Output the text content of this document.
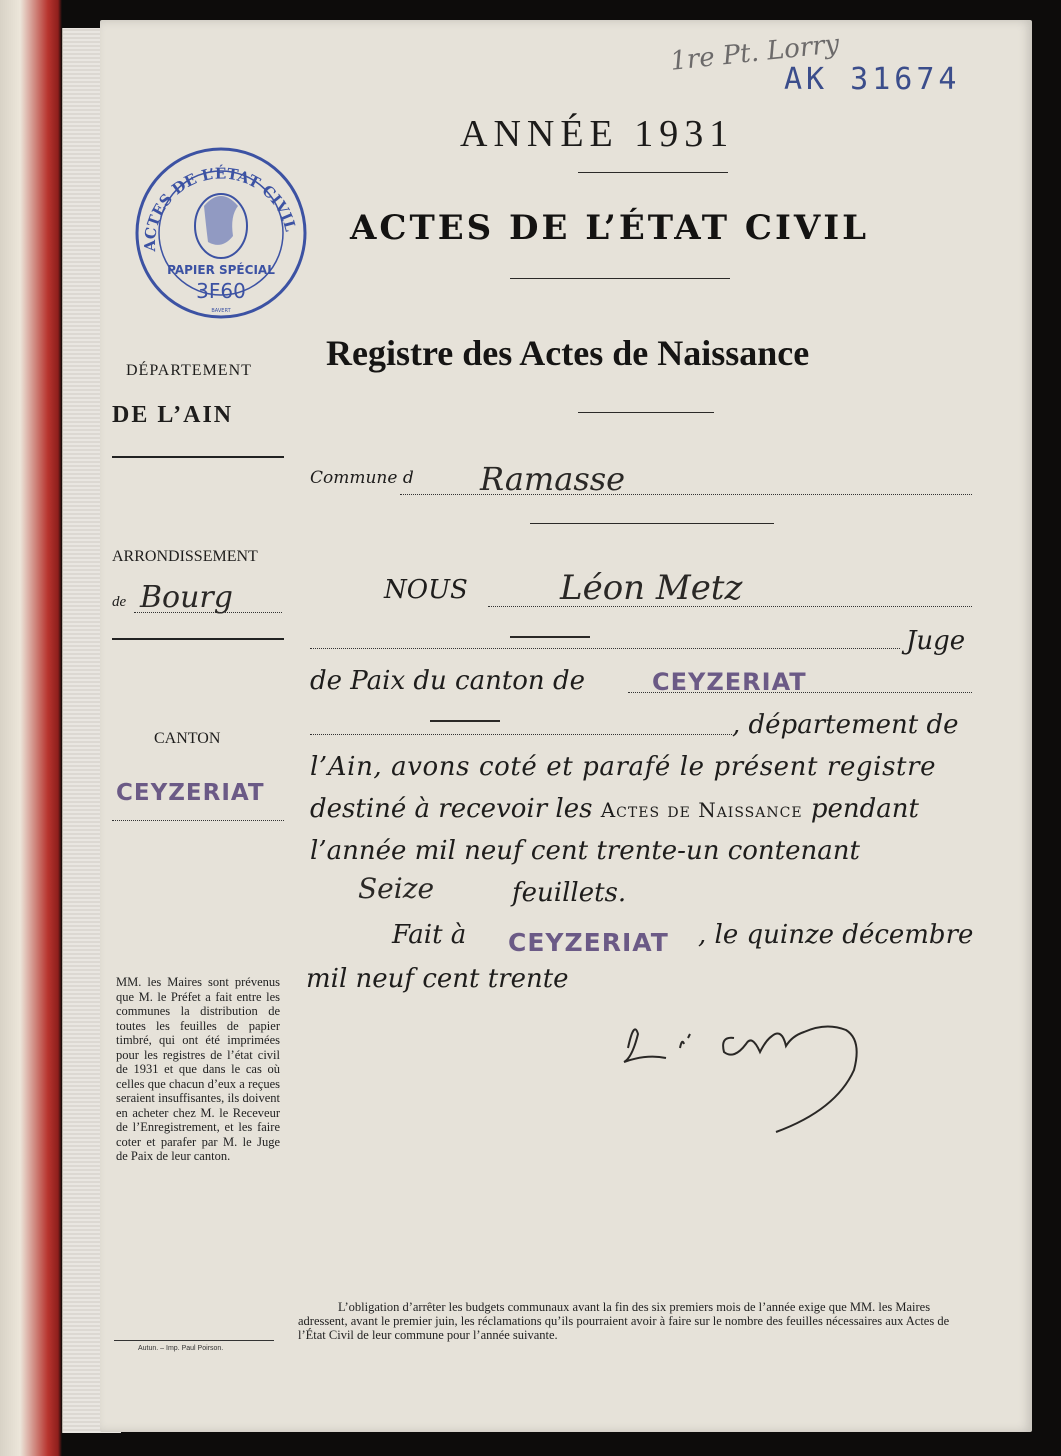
1re Pt. Lorry
AK 31674
ANNÉE 1931
ACTES DE L’ÉTAT CIVIL
Registre des Actes de Naissance
ACTES DE L’ÉTAT CIVIL
PAPIER SPÉCIAL
3F60
BAVERT
DÉPARTEMENT
DE L’AIN
ARRONDISSEMENT
de Bourg
CANTON
CEYZERIAT
MM. les Maires sont prévenus que M. le Préfet a fait entre les communes la distribution de toutes les feuilles de papier timbré, qui ont été imprimées pour les registres de l’état civil de 1931 et que dans le cas où celles que chacun d’eux a reçues seraient insuffisantes, ils doivent en acheter chez M. le Receveur de l’Enregistrement, et les faire coter et parafer par M. le Juge de Paix de leur canton.
Autun. – Imp. Paul Poirson.
Commune d Ramasse
NOUS	Léon Metz
Juge
de Paix du canton de	CEYZERIAT
, département de
l’Ain, avons coté et parafé le présent registre
destiné à recevoir les Actes de Naissance pendant
l’année mil neuf cent trente-un contenant
Seize	feuillets.
Fait à CEYZERIAT , le quinze décembre
mil neuf cent trente
L’obligation d’arrêter les budgets communaux avant la fin des six premiers mois de l’année exige que MM. les Maires adressent, avant le premier juin, les réclamations qu’ils pourraient avoir à faire sur le nombre des feuilles nécessaires aux Actes de l’État Civil de leur commune pour l’année suivante.
